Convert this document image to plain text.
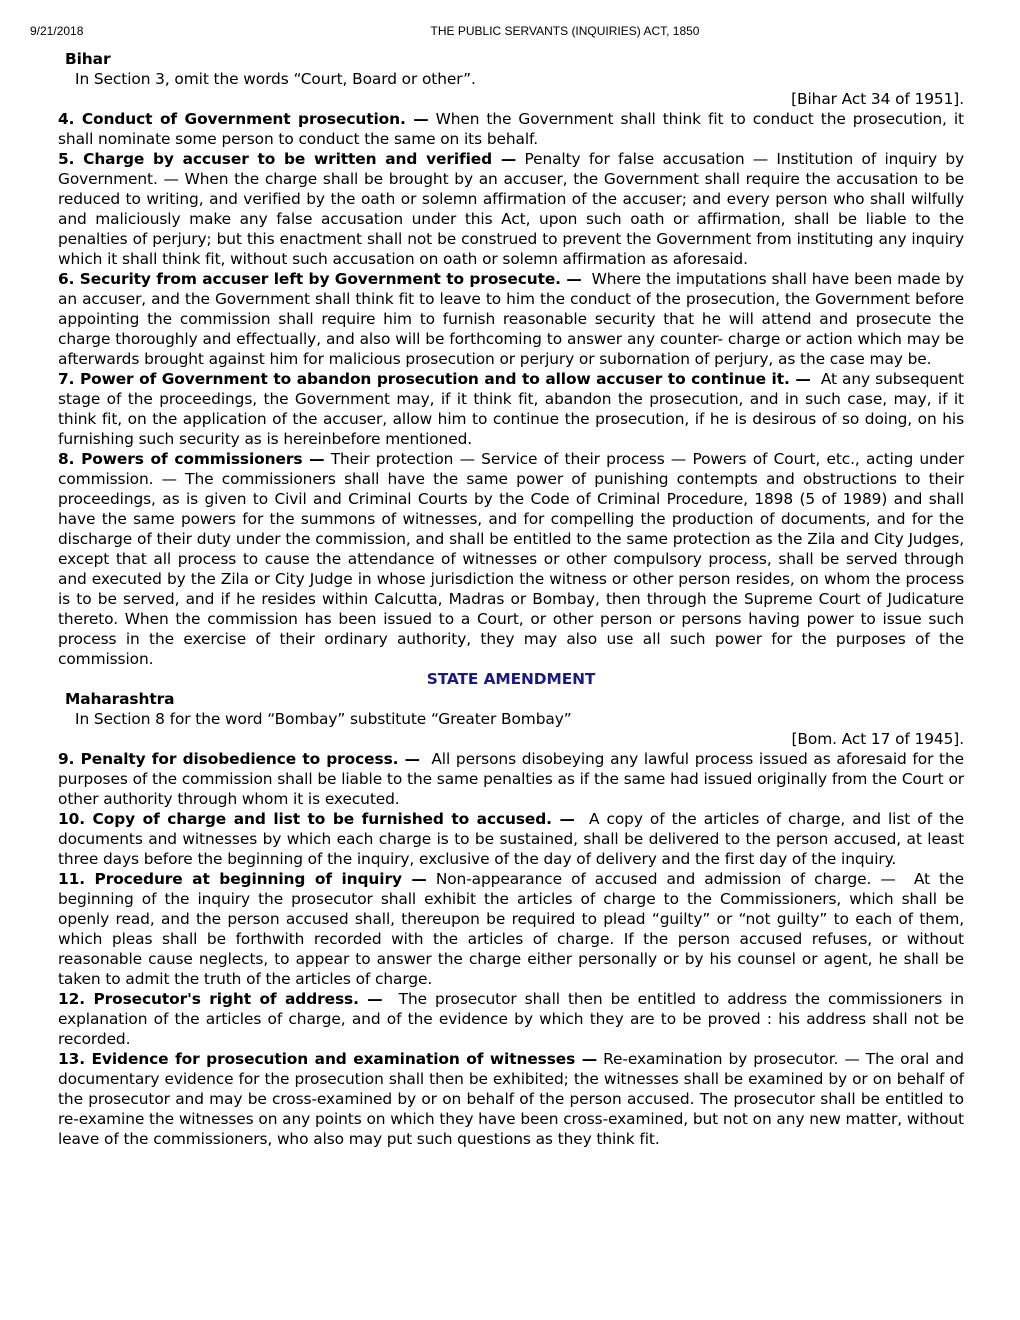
9/21/2018	THE PUBLIC SERVANTS (INQUIRIES) ACT, 1850
Bihar
In Section 3, omit the words “Court, Board or other”.
[Bihar Act 34 of 1951].
4. Conduct of Government prosecution. — When the Government shall think fit to conduct the prosecution, it shall nominate some person to conduct the same on its behalf.
5. Charge by accuser to be written and verified — Penalty for false accusation — Institution of inquiry by Government. — When the charge shall be brought by an accuser, the Government shall require the accusation to be reduced to writing, and verified by the oath or solemn affirmation of the accuser; and every person who shall wilfully and maliciously make any false accusation under this Act, upon such oath or affirmation, shall be liable to the penalties of perjury; but this enactment shall not be construed to prevent the Government from instituting any inquiry which it shall think fit, without such accusation on oath or solemn affirmation as aforesaid.
6. Security from accuser left by Government to prosecute. —  Where the imputations shall have been made by an accuser, and the Government shall think fit to leave to him the conduct of the prosecution, the Government before appointing the commission shall require him to furnish reasonable security that he will attend and prosecute the charge thoroughly and effectually, and also will be forthcoming to answer any counter- charge or action which may be afterwards brought against him for malicious prosecution or perjury or subornation of perjury, as the case may be.
7. Power of Government to abandon prosecution and to allow accuser to continue it. —  At any subsequent stage of the proceedings, the Government may, if it think fit, abandon the prosecution, and in such case, may, if it think fit, on the application of the accuser, allow him to continue the prosecution, if he is desirous of so doing, on his furnishing such security as is hereinbefore mentioned.
8. Powers of commissioners — Their protection — Service of their process — Powers of Court, etc., acting under commission. — The commissioners shall have the same power of punishing contempts and obstructions to their proceedings, as is given to Civil and Criminal Courts by the Code of Criminal Procedure, 1898 (5 of 1989) and shall have the same powers for the summons of witnesses, and for compelling the production of documents, and for the discharge of their duty under the commission, and shall be entitled to the same protection as the Zila and City Judges, except that all process to cause the attendance of witnesses or other compulsory process, shall be served through and executed by the Zila or City Judge in whose jurisdiction the witness or other person resides, on whom the process is to be served, and if he resides within Calcutta, Madras or Bombay, then through the Supreme Court of Judicature thereto. When the commission has been issued to a Court, or other person or persons having power to issue such process in the exercise of their ordinary authority, they may also use all such power for the purposes of the commission.
STATE AMENDMENT
Maharashtra
In Section 8 for the word “Bombay” substitute “Greater Bombay”
[Bom. Act 17 of 1945].
9. Penalty for disobedience to process. —  All persons disobeying any lawful process issued as aforesaid for the purposes of the commission shall be liable to the same penalties as if the same had issued originally from the Court or other authority through whom it is executed.
10. Copy of charge and list to be furnished to accused. —  A copy of the articles of charge, and list of the documents and witnesses by which each charge is to be sustained, shall be delivered to the person accused, at least three days before the beginning of the inquiry, exclusive of the day of delivery and the first day of the inquiry.
11. Procedure at beginning of inquiry — Non-appearance of accused and admission of charge. —  At the beginning of the inquiry the prosecutor shall exhibit the articles of charge to the Commissioners, which shall be openly read, and the person accused shall, thereupon be required to plead “guilty” or “not guilty” to each of them, which pleas shall be forthwith recorded with the articles of charge. If the person accused refuses, or without reasonable cause neglects, to appear to answer the charge either personally or by his counsel or agent, he shall be taken to admit the truth of the articles of charge.
12. Prosecutor's right of address. —  The prosecutor shall then be entitled to address the commissioners in explanation of the articles of charge, and of the evidence by which they are to be proved : his address shall not be recorded.
13. Evidence for prosecution and examination of witnesses — Re-examination by prosecutor. — The oral and documentary evidence for the prosecution shall then be exhibited; the witnesses shall be examined by or on behalf of the prosecutor and may be cross-examined by or on behalf of the person accused. The prosecutor shall be entitled to re-examine the witnesses on any points on which they have been cross-examined, but not on any new matter, without leave of the commissioners, who also may put such questions as they think fit.
